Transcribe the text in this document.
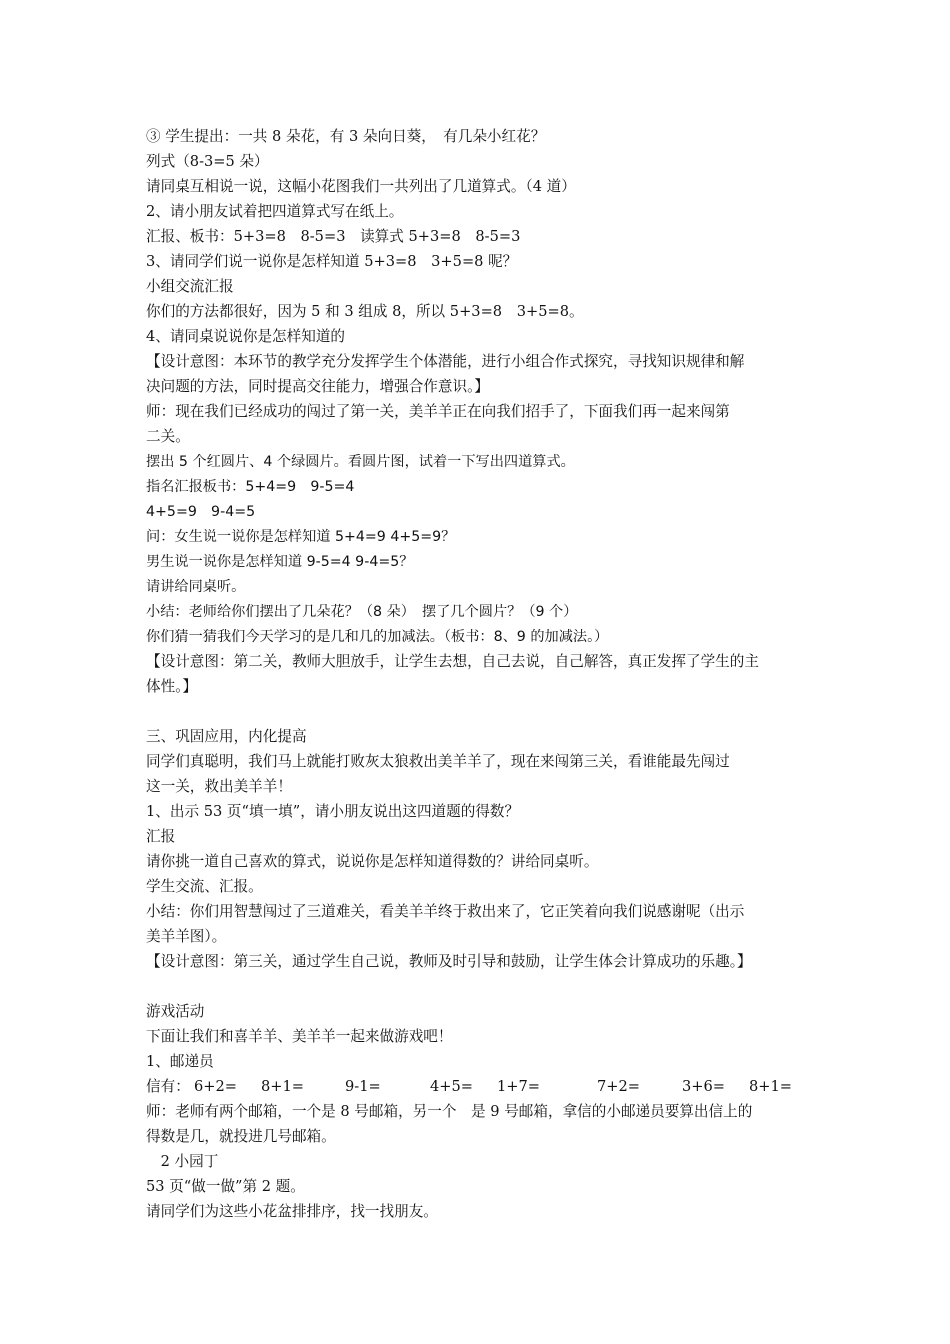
③ 学生提出：一共 8 朵花，有 3 朵向日葵，　有几朵小红花？
列式（8-3=5 朵）
请同桌互相说一说，这幅小花图我们一共列出了几道算式。（4 道）
2、请小朋友试着把四道算式写在纸上。
汇报、板书：5+3=8　8-5=3　读算式 5+3=8　8-5=3
3、请同学们说一说你是怎样知道 5+3=8　3+5=8 呢？
小组交流汇报
你们的方法都很好，因为 5 和 3 组成 8，所以 5+3=8　3+5=8。
4、请同桌说说你是怎样知道的
【设计意图：本环节的教学充分发挥学生个体潜能，进行小组合作式探究，寻找知识规律和解
决问题的方法，同时提高交往能力，增强合作意识。】
师：现在我们已经成功的闯过了第一关，美羊羊正在向我们招手了，下面我们再一起来闯第
二关。
摆出 5 个红圆片、4 个绿圆片。看圆片图，试着一下写出四道算式。
指名汇报板书：5+4=9　9-5=4
4+5=9　9-4=5
问：女生说一说你是怎样知道 5+4=9 4+5=9？
男生说一说你是怎样知道 9-5=4 9-4=5？
请讲给同桌听。
小结：老师给你们摆出了几朵花？（8 朵）　摆了几个圆片？（9 个）
你们猜一猜我们今天学习的是几和几的加减法。（板书：8、9 的加减法。）
【设计意图：第二关，教师大胆放手，让学生去想，自己去说，自己解答，真正发挥了学生的主
体性。】
三、巩固应用，内化提高
同学们真聪明，我们马上就能打败灰太狼救出美羊羊了，现在来闯第三关，看谁能最先闯过
这一关，救出美羊羊！
1、出示 53 页“填一填”，请小朋友说出这四道题的得数？
汇报
请你挑一道自己喜欢的算式，说说你是怎样知道得数的？讲给同桌听。
学生交流、汇报。
小结：你们用智慧闯过了三道难关，看美羊羊终于救出来了，它正笑着向我们说感谢呢（出示
美羊羊图）。
【设计意图：第三关，通过学生自己说，教师及时引导和鼓励，让学生体会计算成功的乐趣。】
游戏活动
下面让我们和喜羊羊、美羊羊一起来做游戏吧！
1、邮递员
信有： 6+2= 8+1=	9-1=	4+5= 1+7=	7+2=	3+6= 8+1=
师：老师有两个邮箱，一个是 8 号邮箱，另一个　是 9 号邮箱，拿信的小邮递员要算出信上的
得数是几，就投进几号邮箱。
　2 小园丁
53 页“做一做”第 2 题。
请同学们为这些小花盆排排序，找一找朋友。
